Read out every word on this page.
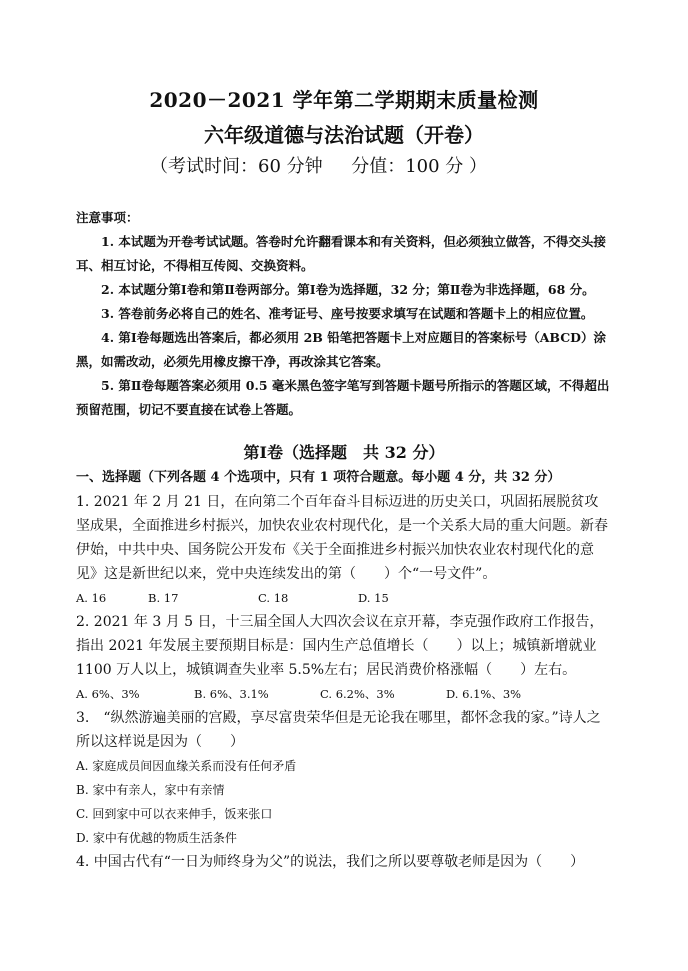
2020－2021 学年第二学期期末质量检测
六年级道德与法治试题（开卷）
（考试时间：60 分钟     分值：100 分 ）
注意事项：

1. 本试题为开卷考试试题。答卷时允许翻看课本和有关资料，但必须独立做答，不得交头接耳、相互讨论，不得相互传阅、交换资料。

2. 本试题分第Ⅰ卷和第Ⅱ卷两部分。第Ⅰ卷为选择题，32 分；第Ⅱ卷为非选择题，68 分。

3. 答卷前务必将自己的姓名、准考证号、座号按要求填写在试题和答题卡上的相应位置。

4. 第Ⅰ卷每题选出答案后，都必须用 2B 铅笔把答题卡上对应题目的答案标号（ABCD）涂黑，如需改动，必须先用橡皮擦干净，再改涂其它答案。

5. 第Ⅱ卷每题答案必须用 0.5 毫米黑色签字笔写到答题卡题号所指示的答题区域，不得超出预留范围，切记不要直接在试卷上答题。

第Ⅰ卷（选择题　共 32 分）
一、选择题（下列各题 4 个选项中，只有 1 项符合题意。每小题 4 分，共 32 分）

1. 2021 年 2 月 21 日，在向第二个百年奋斗目标迈进的历史关口，巩固拓展脱贫攻坚成果，全面推进乡村振兴，加快农业农村现代化，是一个关系大局的重大问题。新春伊始，中共中央、国务院公开发布《关于全面推进乡村振兴加快农业农村现代化的意见》这是新世纪以来，党中央连续发出的第（　　）个“一号文件”。

A. 16	B. 17	C. 18	D. 15

2. 2021 年 3 月 5 日，十三届全国人大四次会议在京开幕，李克强作政府工作报告，指出 2021 年发展主要预期目标是：国内生产总值增长（　　）以上；城镇新增就业 1100 万人以上，城镇调查失业率 5.5%左右；居民消费价格涨幅（　　）左右。

A. 6%、3%	B. 6%、3.1%	C. 6.2%、3%	D. 6.1%、3%

3.　“纵然游遍美丽的宫殿，享尽富贵荣华但是无论我在哪里，都怀念我的家。”诗人之所以这样说是因为（　　）

A. 家庭成员间因血缘关系而没有任何矛盾
B. 家中有亲人，家中有亲情
C. 回到家中可以衣来伸手，饭来张口
D. 家中有优越的物质生活条件

4. 中国古代有“一日为师终身为父”的说法，我们之所以要尊敬老师是因为（　　）
